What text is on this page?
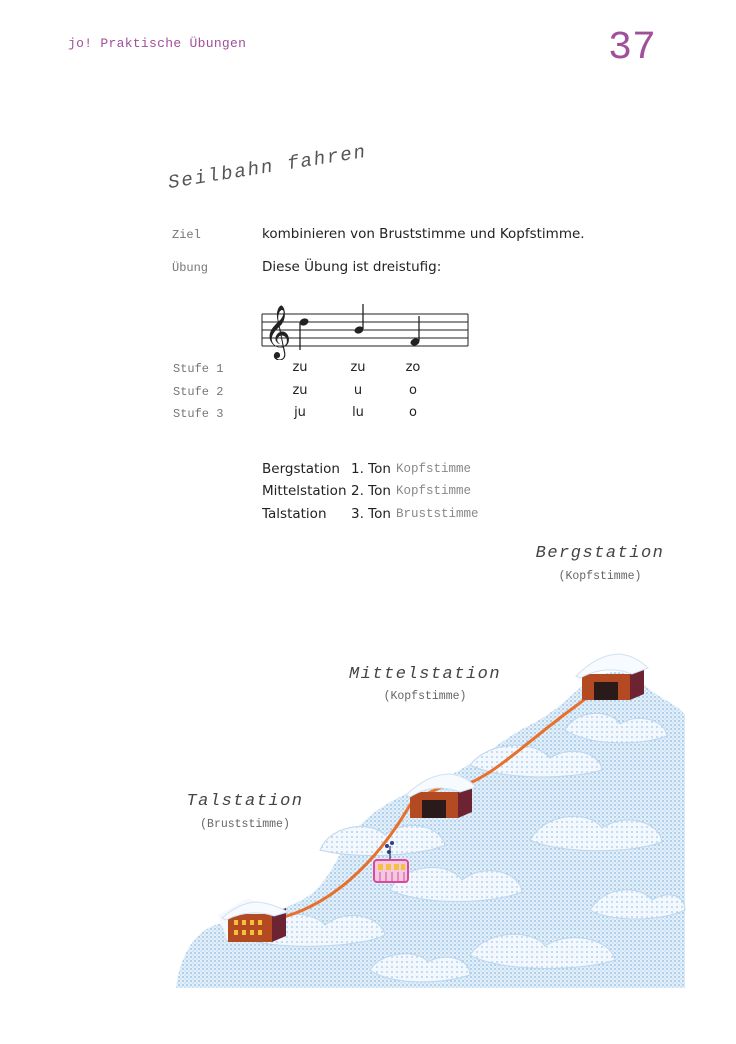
jo! Praktische Übungen	37
Seilbahn fahren
Ziel	kombinieren von Bruststimme und Kopfstimme.
Übung	Diese Übung ist dreistufig:
𝄞
Stufe 1	zu	zu	zo
Stufe 2	zu	u	o
Stufe 3	ju	lu	o
Bergstation 1. Ton Kopfstimme
Mittelstation 2. Ton Kopfstimme
Talstation 3. Ton Bruststimme
Bergstation
(Kopfstimme)
Mittelstation
(Kopfstimme)
Talstation
(Bruststimme)
